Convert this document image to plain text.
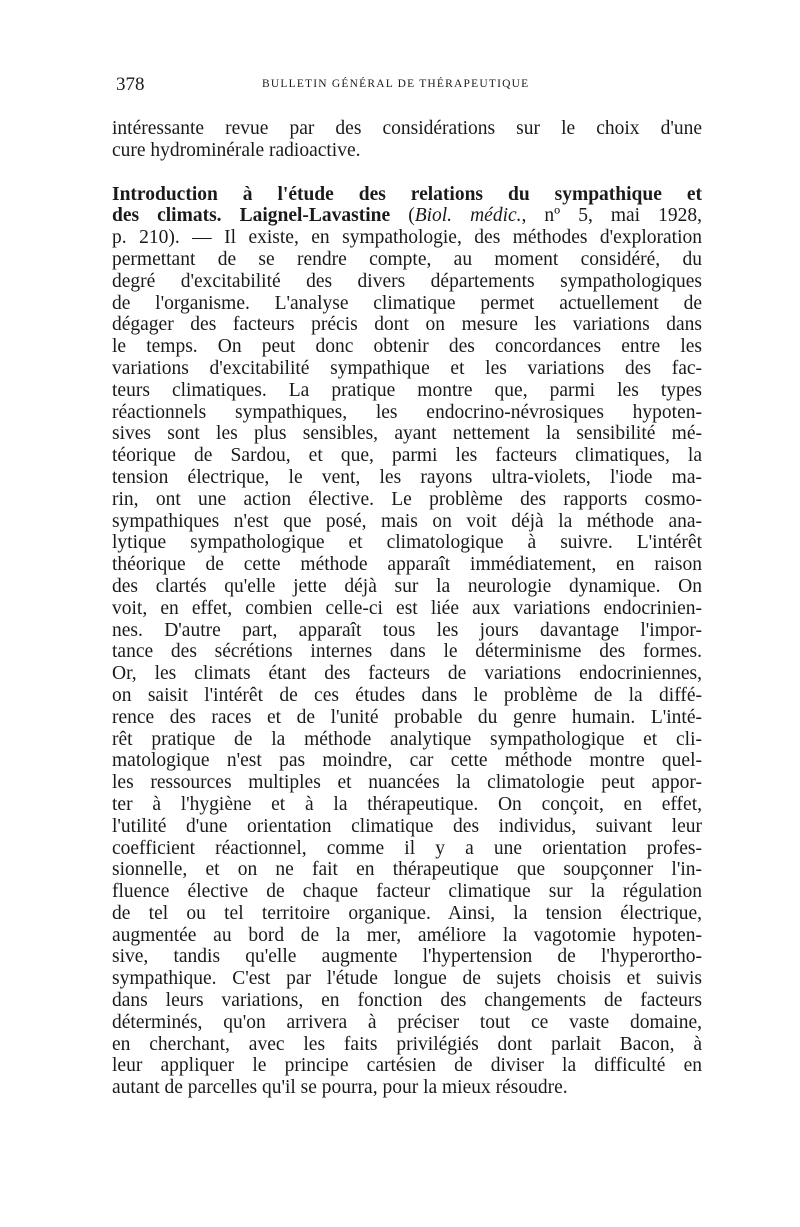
378	BULLETIN GÉNÉRAL DE THÉRAPEUTIQUE
intéressante revue par des considérations sur le choix d'une
cure hydrominérale radioactive.
Introduction à l'étude des relations du sympathique et
des climats. Laignel-Lavastine (Biol. médic., nº 5, mai 1928,
p. 210). — Il existe, en sympathologie, des méthodes d'exploration
permettant de se rendre compte, au moment considéré, du
degré d'excitabilité des divers départements sympathologiques
de l'organisme. L'analyse climatique permet actuellement de
dégager des facteurs précis dont on mesure les variations dans
le temps. On peut donc obtenir des concordances entre les
variations d'excitabilité sympathique et les variations des fac-
teurs climatiques. La pratique montre que, parmi les types
réactionnels sympathiques, les endocrino-névrosiques hypoten-
sives sont les plus sensibles, ayant nettement la sensibilité mé-
téorique de Sardou, et que, parmi les facteurs climatiques, la
tension électrique, le vent, les rayons ultra-violets, l'iode ma-
rin, ont une action élective. Le problème des rapports cosmo-
sympathiques n'est que posé, mais on voit déjà la méthode ana-
lytique sympathologique et climatologique à suivre. L'intérêt
théorique de cette méthode apparaît immédiatement, en raison
des clartés qu'elle jette déjà sur la neurologie dynamique. On
voit, en effet, combien celle-ci est liée aux variations endocrinien-
nes. D'autre part, apparaît tous les jours davantage l'impor-
tance des sécrétions internes dans le déterminisme des formes.
Or, les climats étant des facteurs de variations endocriniennes,
on saisit l'intérêt de ces études dans le problème de la diffé-
rence des races et de l'unité probable du genre humain. L'inté-
rêt pratique de la méthode analytique sympathologique et cli-
matologique n'est pas moindre, car cette méthode montre quel-
les ressources multiples et nuancées la climatologie peut appor-
ter à l'hygiène et à la thérapeutique. On conçoit, en effet,
l'utilité d'une orientation climatique des individus, suivant leur
coefficient réactionnel, comme il y a une orientation profes-
sionnelle, et on ne fait en thérapeutique que soupçonner l'in-
fluence élective de chaque facteur climatique sur la régulation
de tel ou tel territoire organique. Ainsi, la tension électrique,
augmentée au bord de la mer, améliore la vagotomie hypoten-
sive, tandis qu'elle augmente l'hypertension de l'hyperortho-
sympathique. C'est par l'étude longue de sujets choisis et suivis
dans leurs variations, en fonction des changements de facteurs
déterminés, qu'on arrivera à préciser tout ce vaste domaine,
en cherchant, avec les faits privilégiés dont parlait Bacon, à
leur appliquer le principe cartésien de diviser la difficulté en
autant de parcelles qu'il se pourra, pour la mieux résoudre.
